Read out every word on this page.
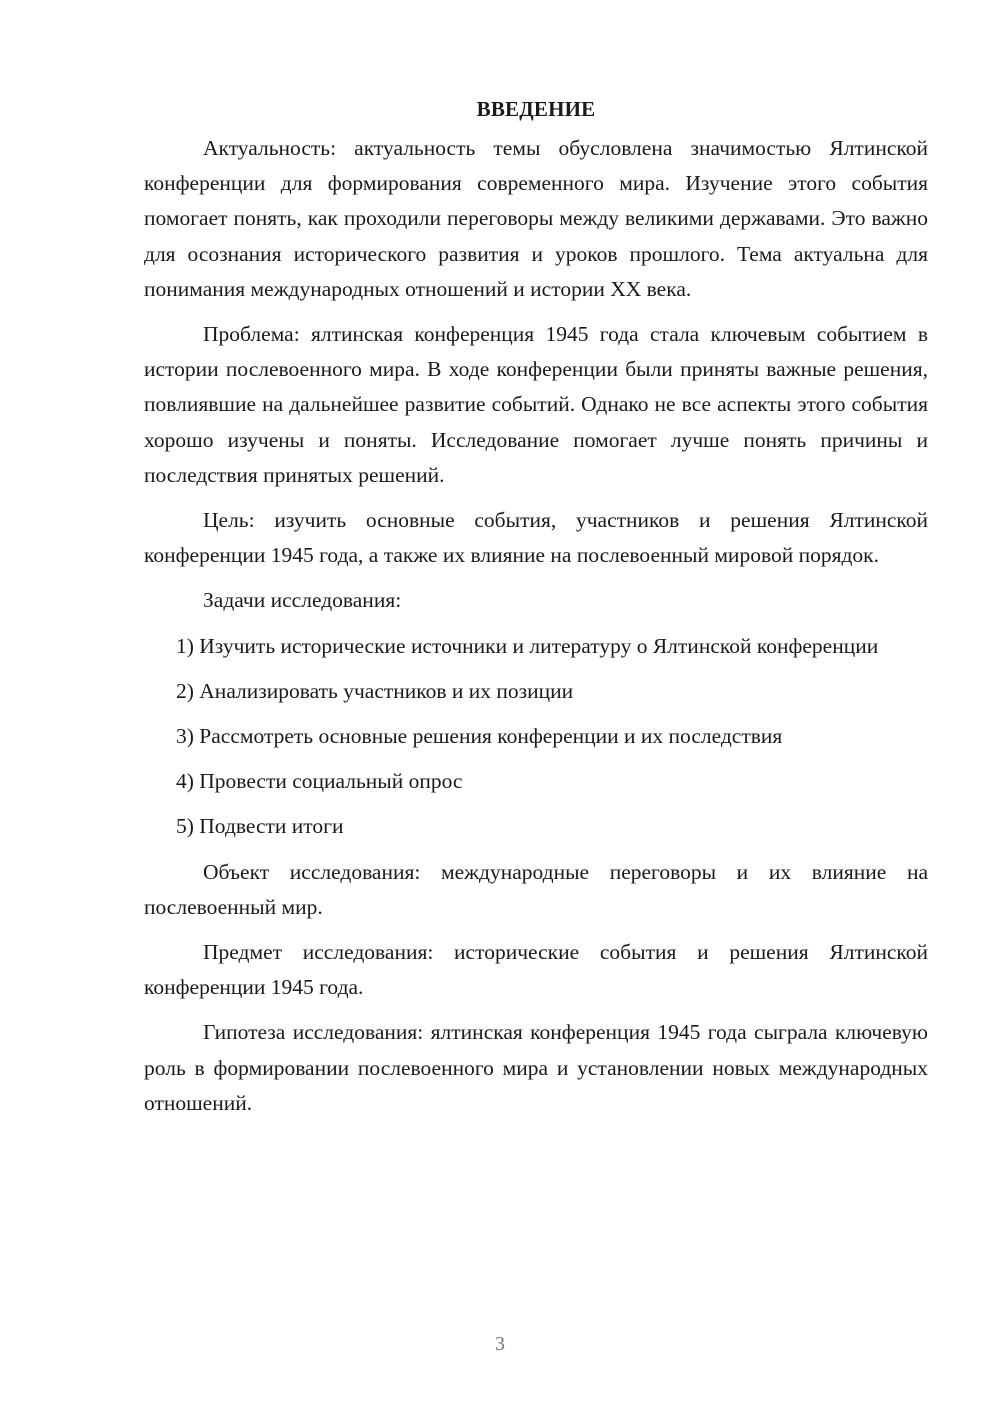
ВВЕДЕНИЕ

Актуальность: актуальность темы обусловлена значимостью Ялтинской конференции для формирования современного мира. Изучение этого события помогает понять, как проходили переговоры между великими державами. Это важно для осознания исторического развития и уроков прошлого. Тема актуальна для понимания международных отношений и истории XX века.

Проблема: ялтинская конференция 1945 года стала ключевым событием в истории послевоенного мира. В ходе конференции были приняты важные решения, повлиявшие на дальнейшее развитие событий. Однако не все аспекты этого события хорошо изучены и поняты. Исследование помогает лучше понять причины и последствия принятых решений.

Цель: изучить основные события, участников и решения Ялтинской конференции 1945 года, а также их влияние на послевоенный мировой порядок.

Задачи исследования:

1) Изучить исторические источники и литературу о Ялтинской конференции

2) Анализировать участников и их позиции

3) Рассмотреть основные решения конференции и их последствия

4) Провести социальный опрос

5) Подвести итоги

Объект исследования: международные переговоры и их влияние на послевоенный мир.

Предмет исследования: исторические события и решения Ялтинской конференции 1945 года.

Гипотеза исследования: ялтинская конференция 1945 года сыграла ключевую роль в формировании послевоенного мира и установлении новых международных отношений.

3
